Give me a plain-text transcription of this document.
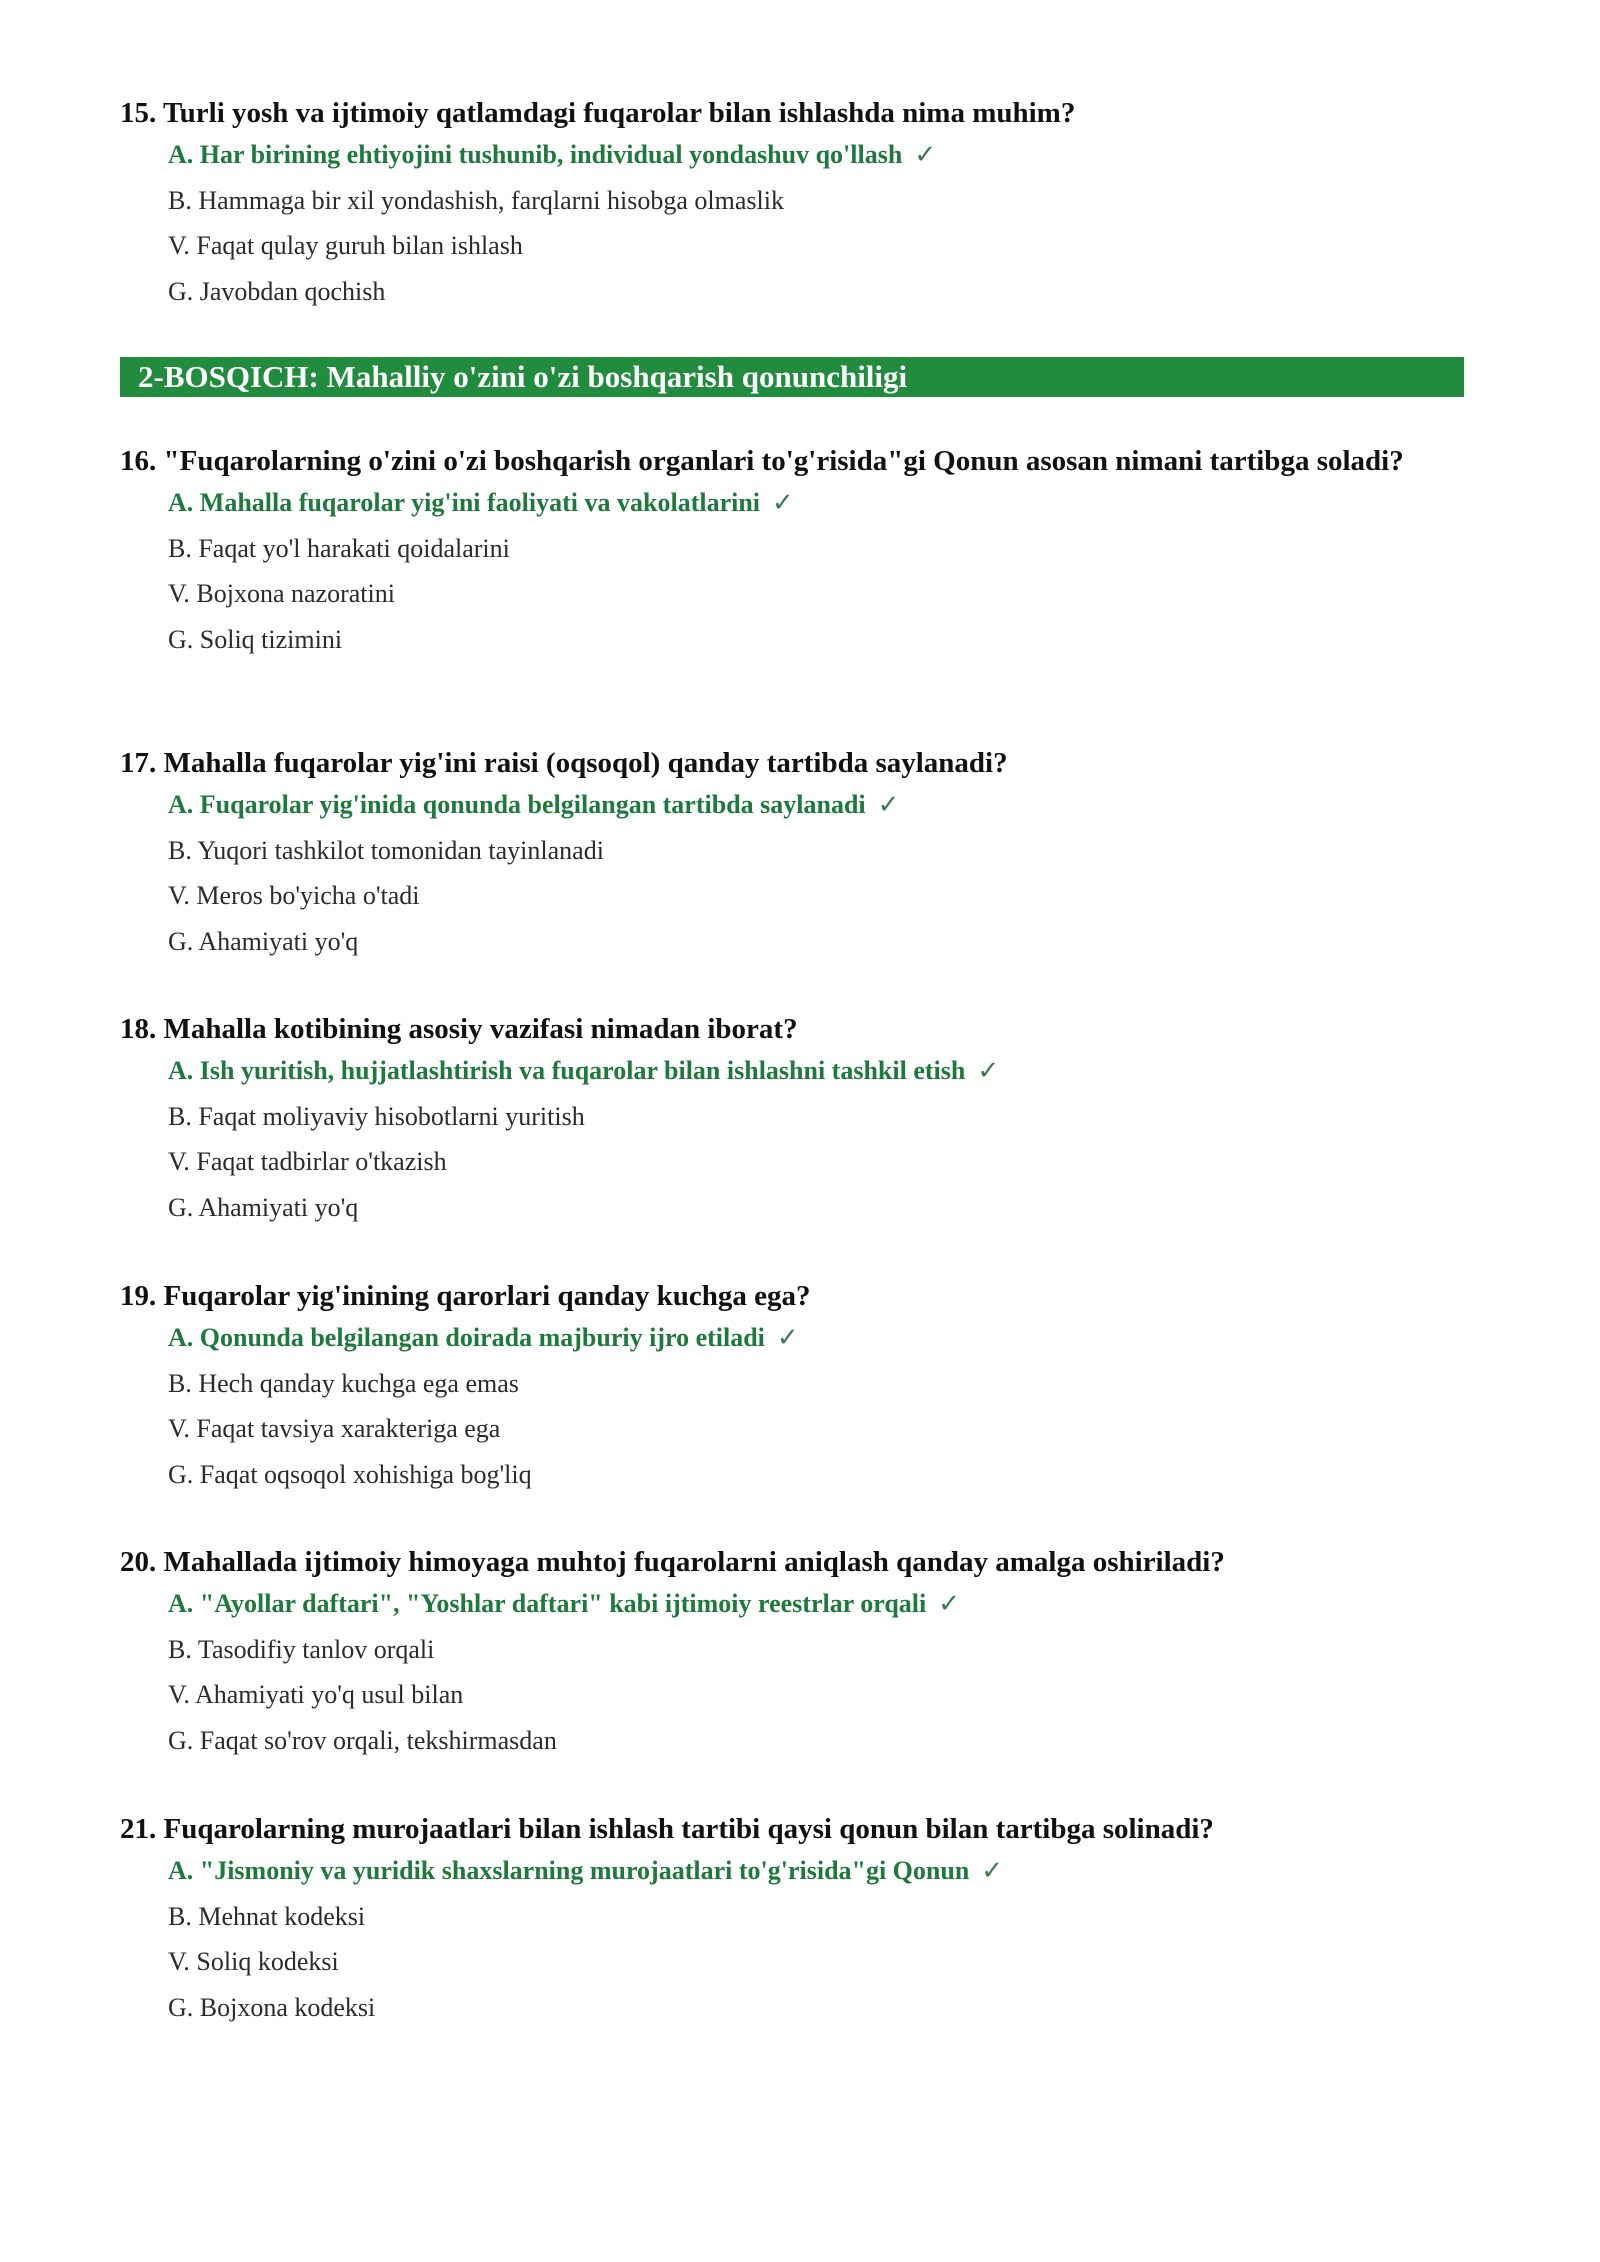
15. Turli yosh va ijtimoiy qatlamdagi fuqarolar bilan ishlashda nima muhim?

A. Har birining ehtiyojini tushunib, individual yondashuv qo'llash ✓
B. Hammaga bir xil yondashish, farqlarni hisobga olmaslik
V. Faqat qulay guruh bilan ishlash
G. Javobdan qochish
2-BOSQICH: Mahalliy o'zini o'zi boshqarish qonunchiligi

16. "Fuqarolarning o'zini o'zi boshqarish organlari to'g'risida"gi Qonun asosan nimani tartibga soladi?

A. Mahalla fuqarolar yig'ini faoliyati va vakolatlarini ✓
B. Faqat yo'l harakati qoidalarini
V. Bojxona nazoratini
G. Soliq tizimini

17. Mahalla fuqarolar yig'ini raisi (oqsoqol) qanday tartibda saylanadi?

A. Fuqarolar yig'inida qonunda belgilangan tartibda saylanadi ✓
B. Yuqori tashkilot tomonidan tayinlanadi
V. Meros bo'yicha o'tadi
G. Ahamiyati yo'q

18. Mahalla kotibining asosiy vazifasi nimadan iborat?

A. Ish yuritish, hujjatlashtirish va fuqarolar bilan ishlashni tashkil etish ✓
B. Faqat moliyaviy hisobotlarni yuritish
V. Faqat tadbirlar o'tkazish
G. Ahamiyati yo'q

19. Fuqarolar yig'inining qarorlari qanday kuchga ega?

A. Qonunda belgilangan doirada majburiy ijro etiladi ✓
B. Hech qanday kuchga ega emas
V. Faqat tavsiya xarakteriga ega
G. Faqat oqsoqol xohishiga bog'liq

20. Mahallada ijtimoiy himoyaga muhtoj fuqarolarni aniqlash qanday amalga oshiriladi?

A. "Ayollar daftari", "Yoshlar daftari" kabi ijtimoiy reestrlar orqali ✓
B. Tasodifiy tanlov orqali
V. Ahamiyati yo'q usul bilan
G. Faqat so'rov orqali, tekshirmasdan

21. Fuqarolarning murojaatlari bilan ishlash tartibi qaysi qonun bilan tartibga solinadi?

A. "Jismoniy va yuridik shaxslarning murojaatlari to'g'risida"gi Qonun ✓
B. Mehnat kodeksi
V. Soliq kodeksi
G. Bojxona kodeksi
